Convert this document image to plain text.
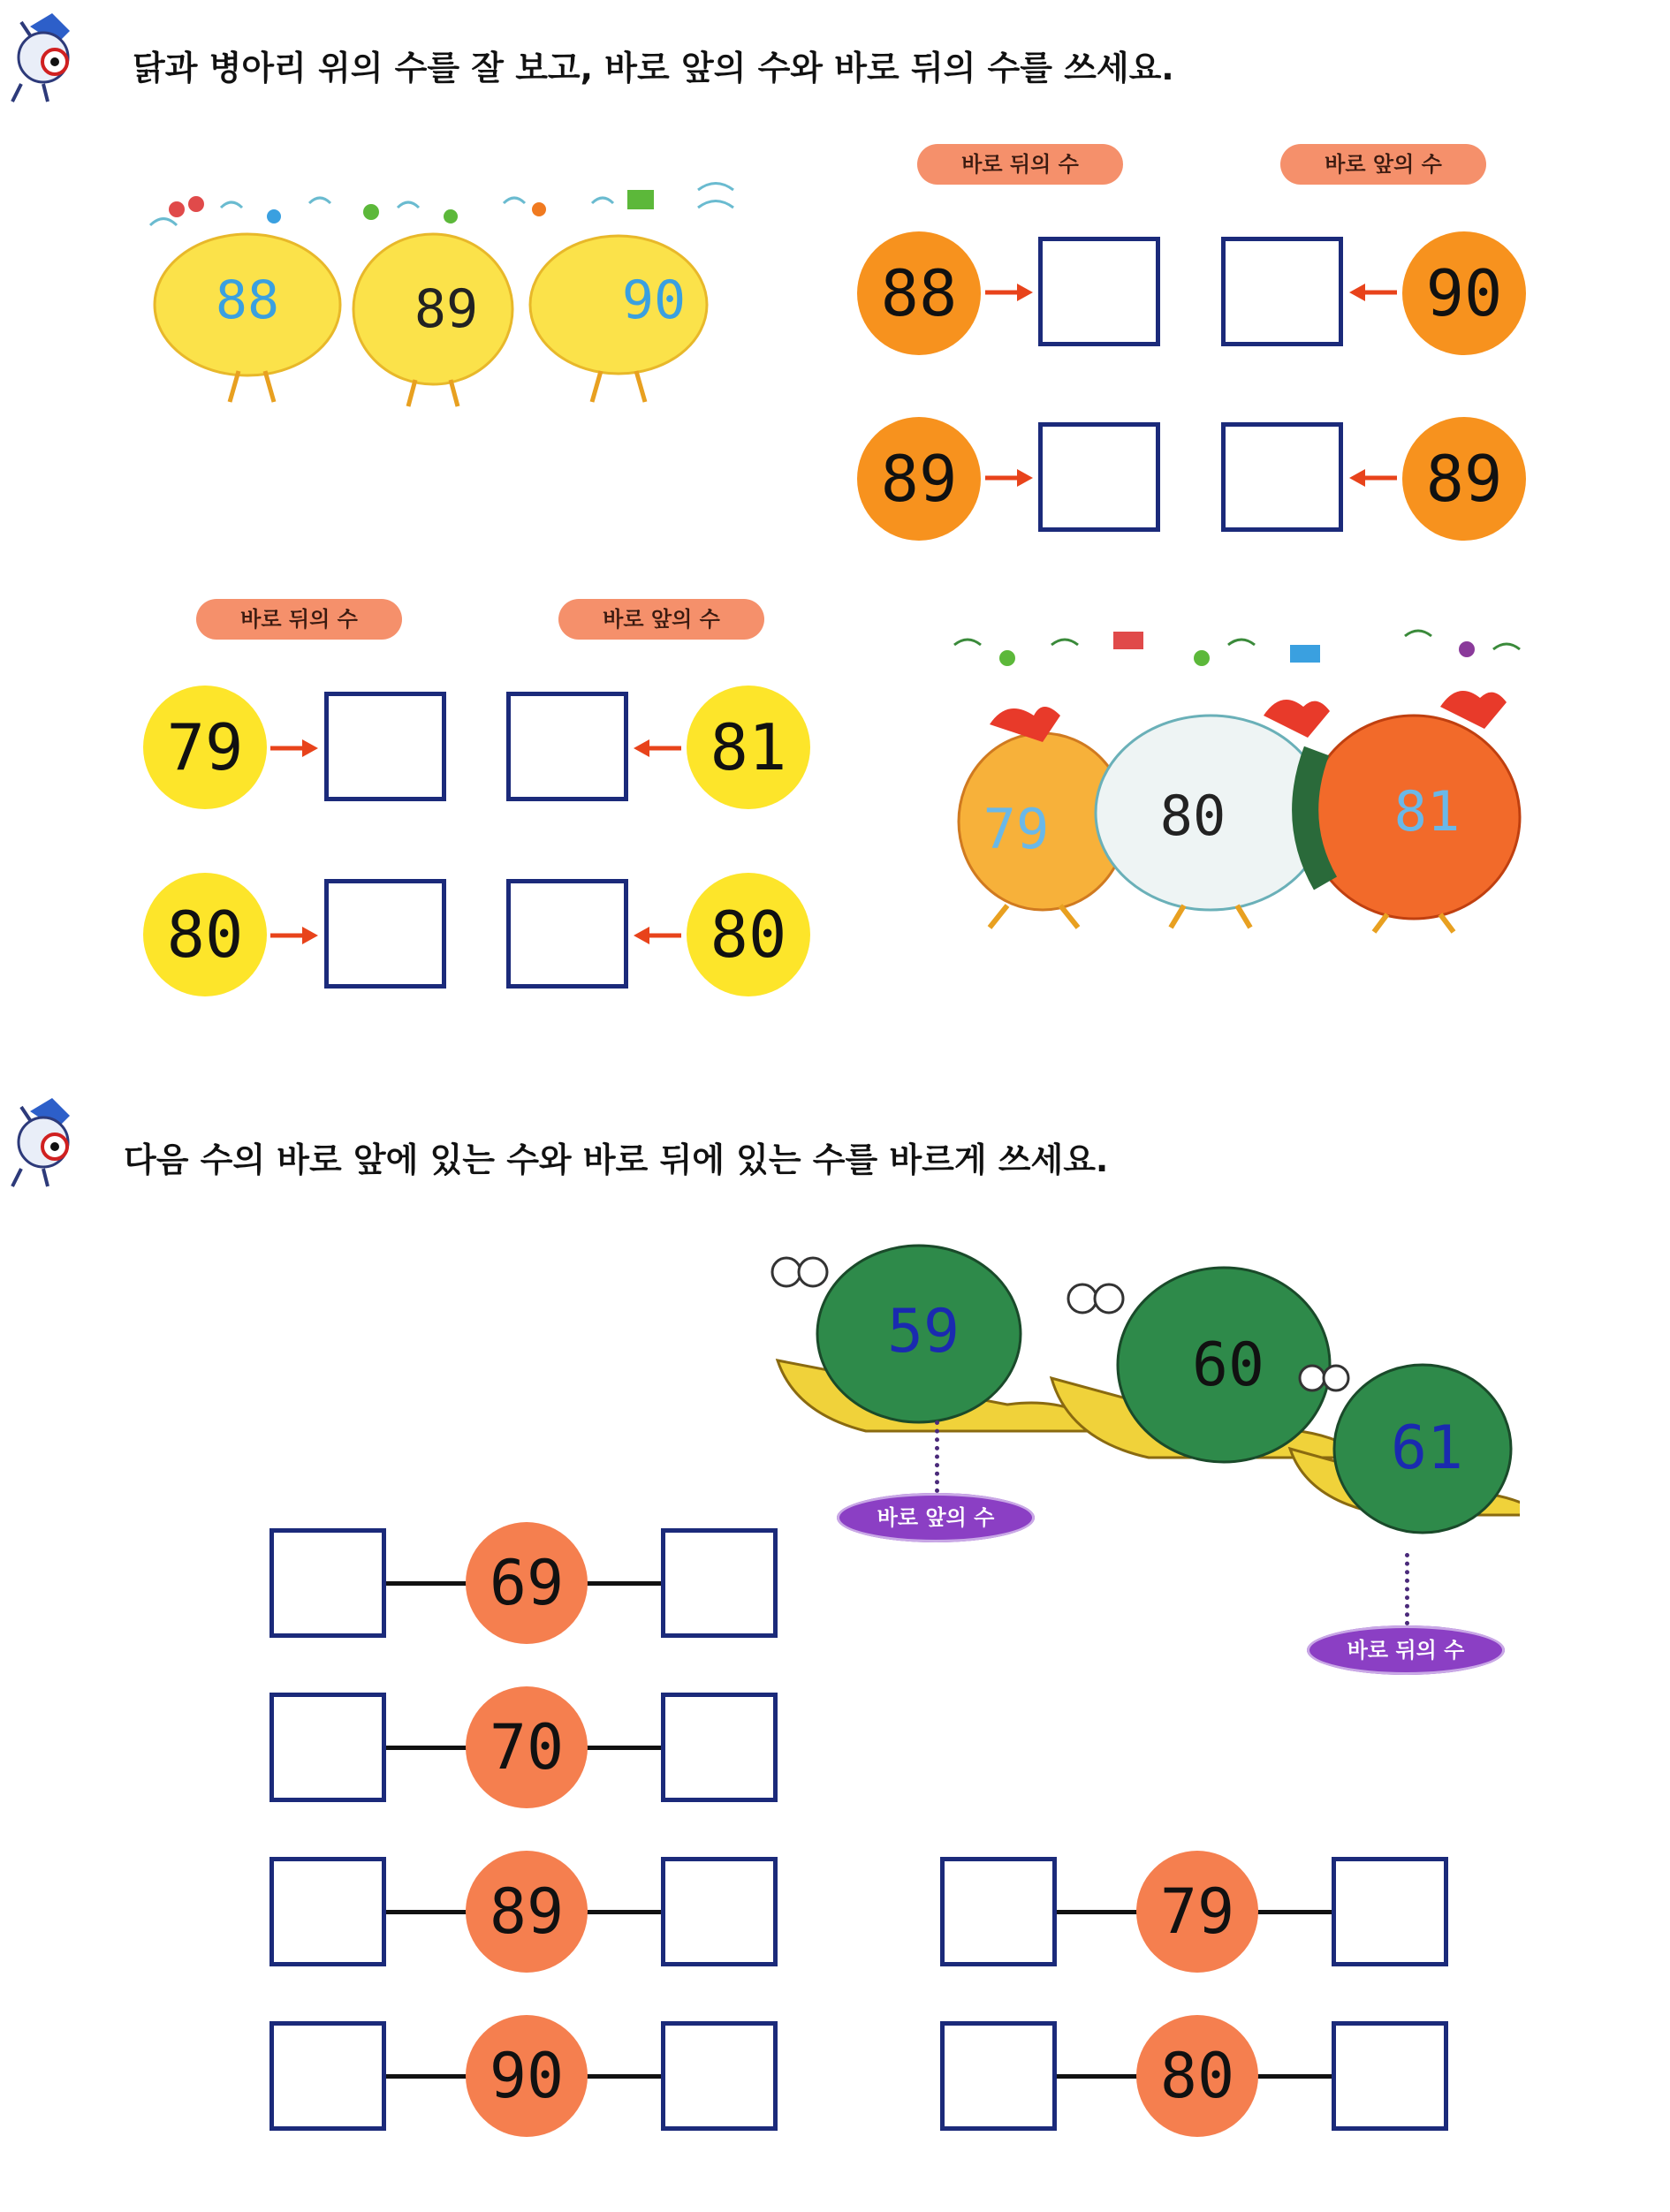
닭과 병아리 위의 수를 잘 보고, 바로 앞의 수와 바로 뒤의 수를 쓰세요.
88	89	90
바로 뒤의 수	바로 앞의 수
88	90
89	89
바로 뒤의 수	바로 앞의 수
79	81
80	80
79 80	81
다음 수의 바로 앞에 있는 수와 바로 뒤에 있는 수를 바르게 쓰세요.
59	60
61
바로 앞의 수
바로 뒤의 수
69
70
89
90
79
80
